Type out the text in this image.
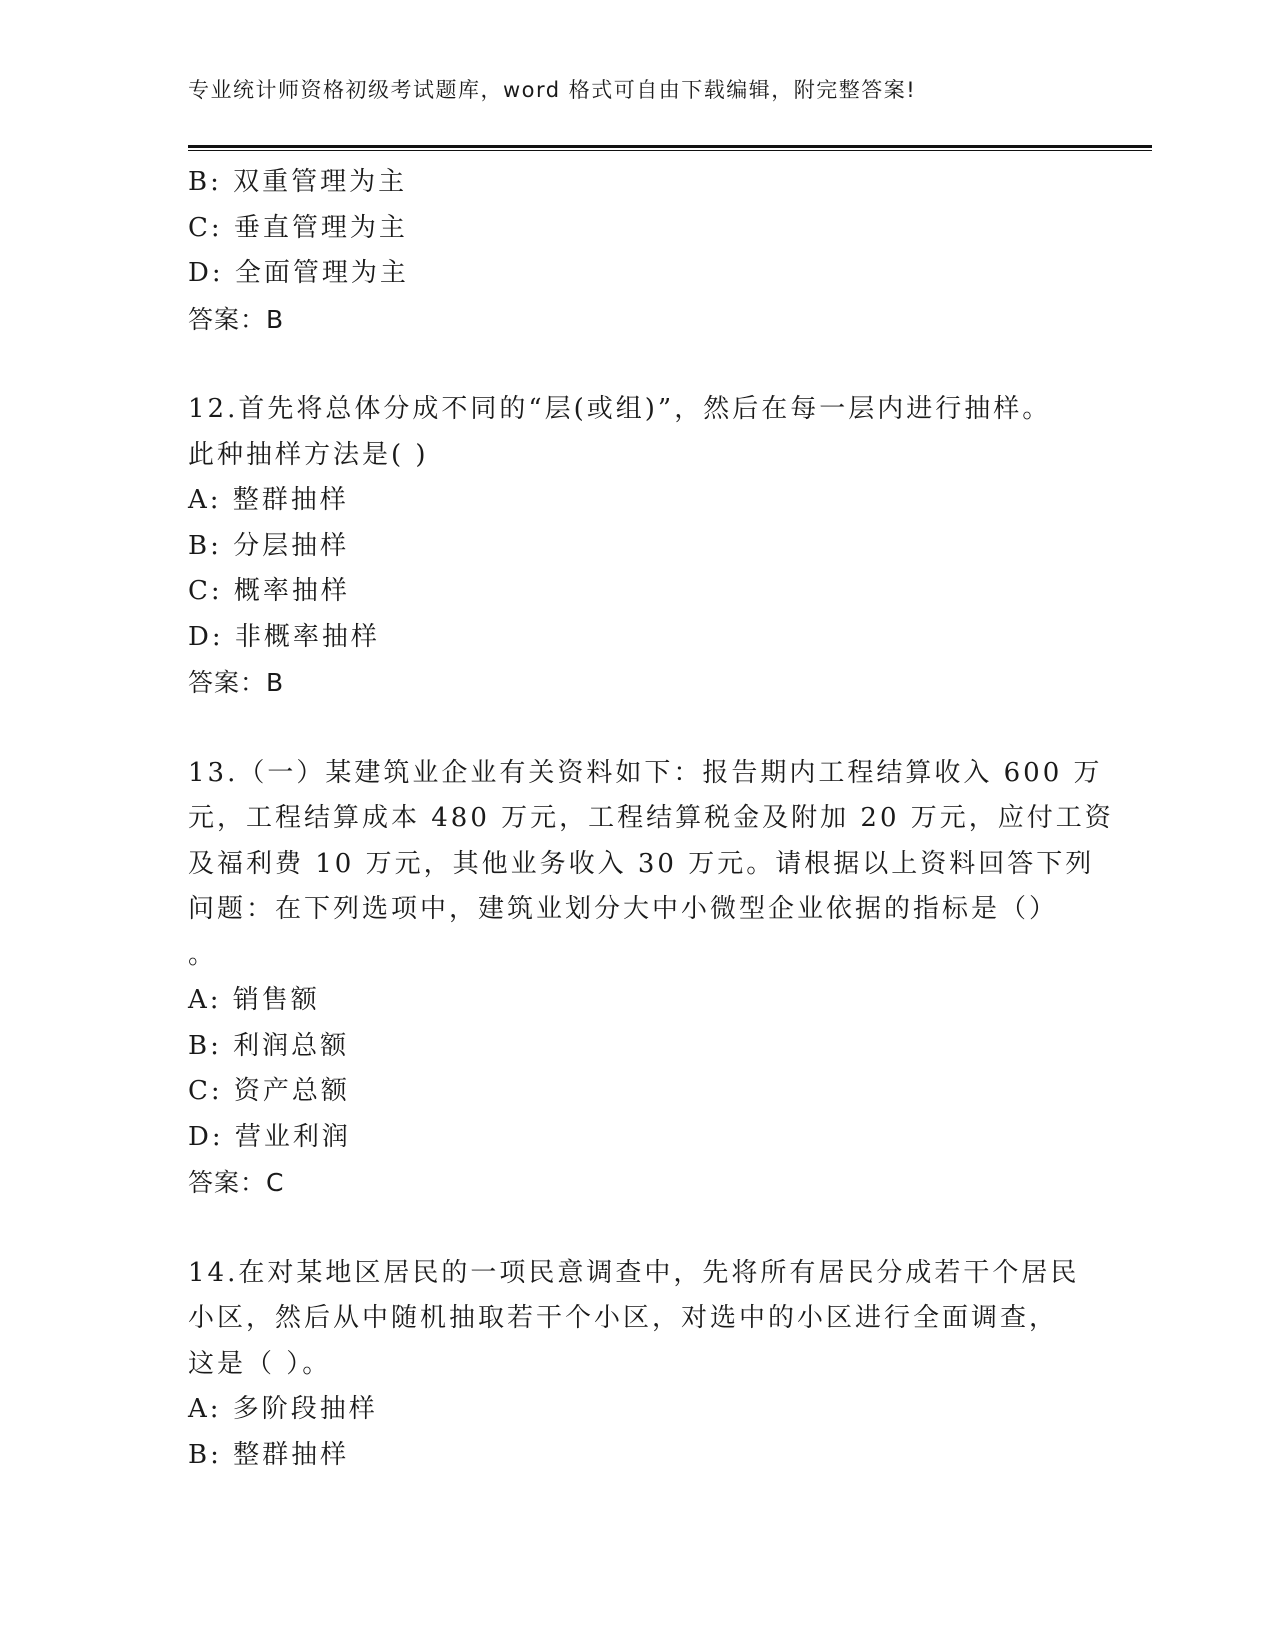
专业统计师资格初级考试题库，word 格式可自由下载编辑，附完整答案!
B: 双重管理为主
C: 垂直管理为主
D: 全面管理为主
答案：B
12.首先将总体分成不同的“层(或组)”，然后在每一层内进行抽样。
此种抽样方法是( )
A: 整群抽样
B: 分层抽样
C: 概率抽样
D: 非概率抽样
答案：B
13.（一）某建筑业企业有关资料如下：报告期内工程结算收入 600 万
元，工程结算成本 480 万元，工程结算税金及附加 20 万元，应付工资
及福利费 10 万元，其他业务收入 30 万元。请根据以上资料回答下列
问题：在下列选项中，建筑业划分大中小微型企业依据的指标是（）
。
A: 销售额
B: 利润总额
C: 资产总额
D: 营业利润
答案：C
14.在对某地区居民的一项民意调查中，先将所有居民分成若干个居民
小区，然后从中随机抽取若干个小区，对选中的小区进行全面调查，
这是（ ）。
A: 多阶段抽样
B: 整群抽样
